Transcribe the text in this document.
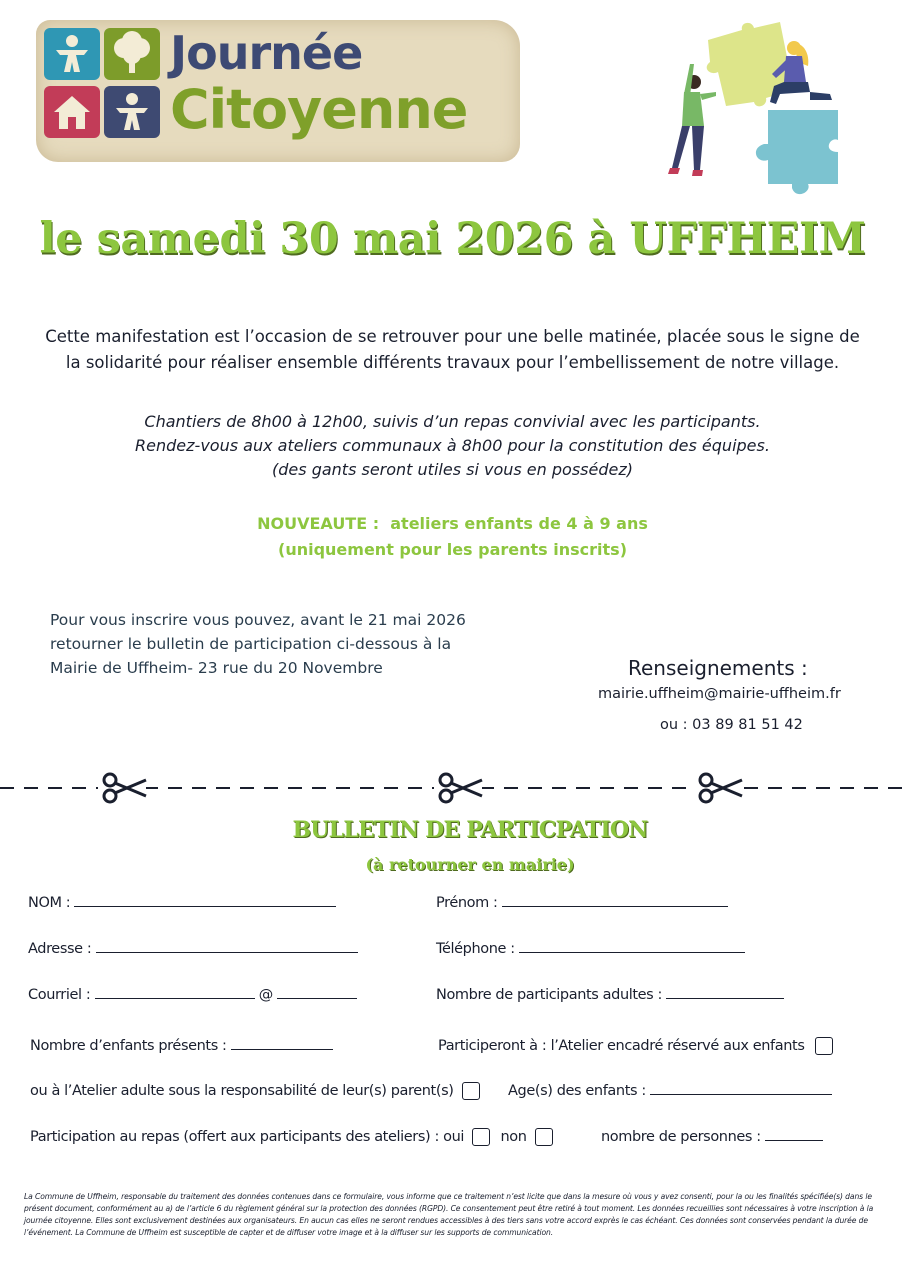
Journée
Citoyenne
le samedi 30 mai 2026 à UFFHEIM
Cette manifestation est l’occasion de se retrouver pour une belle matinée, placée sous le signe de
la solidarité pour réaliser ensemble différents travaux pour l’embellissement de notre village.
Chantiers de 8h00 à 12h00, suivis d’un repas convivial avec les participants.
Rendez-vous aux ateliers communaux à 8h00 pour la constitution des équipes.
(des gants seront utiles si vous en possédez)
NOUVEAUTE :  ateliers enfants de 4 à 9 ans
(uniquement pour les parents inscrits)
Pour vous inscrire vous pouvez, avant le 21 mai 2026
retourner le bulletin de participation ci-dessous à la
Mairie de Uffheim- 23 rue du 20 Novembre	Renseignements :
mairie.uffheim@mairie-uffheim.fr
ou : 03 89 81 51 42
BULLETIN DE PARTICPATION
(à retourner en mairie)
NOM :	Prénom :
Adresse :	Téléphone :
Courriel :	@	Nombre de participants adultes :
Nombre d’enfants présents :	Participeront à : l’Atelier encadré réservé aux enfants
ou à l’Atelier adulte sous la responsabilité de leur(s) parent(s)	Age(s) des enfants :
Participation au repas (offert aux participants des ateliers) : oui	non	nombre de personnes :
La Commune de Uffheim, responsable du traitement des données contenues dans ce formulaire, vous informe que ce traitement n’est licite que dans la mesure où vous y avez consenti, pour la ou les finalités spécifiée(s) dans le présent document, conformément au a) de l’article 6 du règlement général sur la protection des données (RGPD). Ce consentement peut être retiré à tout moment. Les données recueillies sont nécessaires à votre inscription à la journée citoyenne. Elles sont exclusivement destinées aux organisateurs. En aucun cas elles ne seront rendues accessibles à des tiers sans votre accord exprès le cas échéant. Ces données sont conservées pendant la durée de l’événement. La Commune de Uffheim est susceptible de capter et de diffuser votre image et à la diffuser sur les supports de communication.
